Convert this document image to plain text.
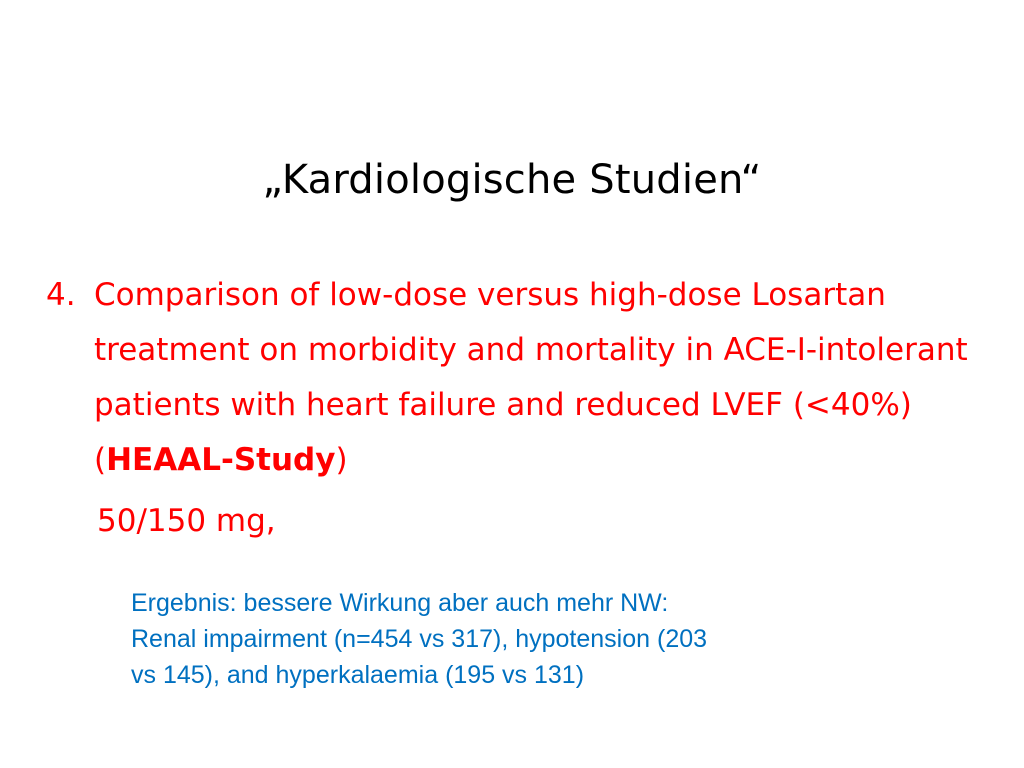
„Kardiologische Studien“
4. Comparison of low-dose versus high-dose Losartan treatment on morbidity and mortality in ACE-I-intolerant patients with heart failure and reduced LVEF (<40%)(HEAAL-Study)
50/150 mg,
Ergebnis: bessere Wirkung aber auch mehr NW:
Renal impairment (n=454 vs 317), hypotension (203
vs 145), and hyperkalaemia (195 vs 131)
